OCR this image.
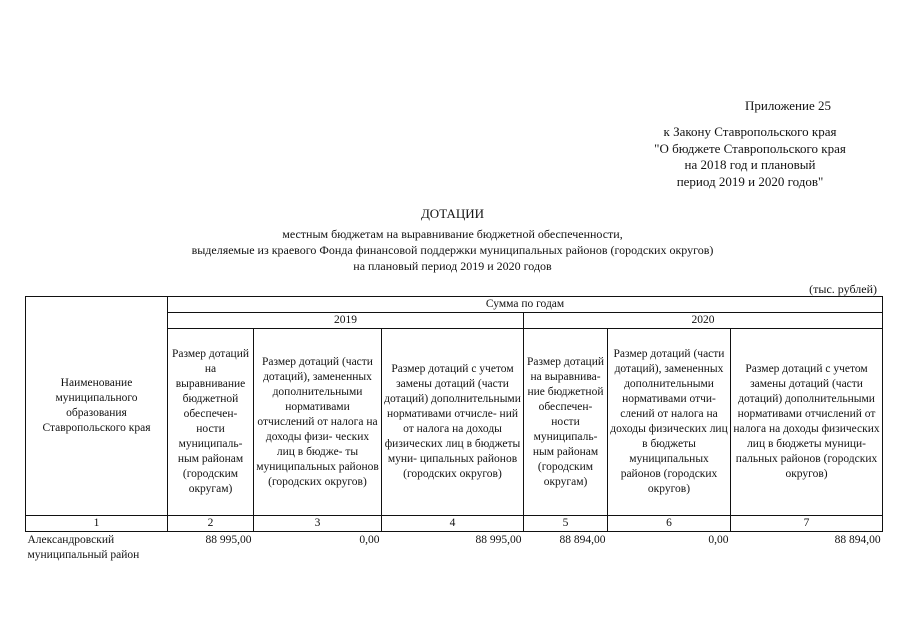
Приложение 25
к Закону Ставропольского края
"О бюджете Ставропольского края
на 2018 год и плановый
период 2019 и 2020 годов"
ДОТАЦИИ
местным бюджетам на выравнивание бюджетной обеспеченности,
выделяемые из краевого Фонда финансовой поддержки муниципальных районов (городских округов)
на плановый период 2019 и 2020 годов
(тыс. рублей)
Наименование муниципального образования Ставропольского края	Сумма по годам					
	2019			2020		
	Размер дотаций на выравнивание бюджетной обеспечен- ности муниципаль- ным районам (городским округам)	Размер дотаций (части дотаций), замененных дополнительными нормативами отчислений от налога на доходы физи- ческих лиц в бюдже- ты муниципальных районов (городских округов)	Размер дотаций с учетом замены дотаций (части дотаций) дополнительными нормативами отчисле- ний от налога на доходы физических лиц в бюджеты муни- ципальных районов (городских округов)	Размер дотаций на выравнива- ние бюджетной обеспечен- ности муниципаль- ным районам (городским округам)	Размер дотаций (части дотаций), замененных дополнительными нормативами отчи- слений от налога на доходы физических лиц в бюджеты муниципальных районов (городских округов)	Размер дотаций с учетом замены дотаций (части дотаций) дополнительными нормативами отчислений от налога на доходы физических лиц в бюджеты муници- пальных районов (городских округов)
1	2	3	4	5	6	7
Александровский муниципальный район	88 995,00	0,00	88 995,00	88 894,00	0,00	88 894,00
